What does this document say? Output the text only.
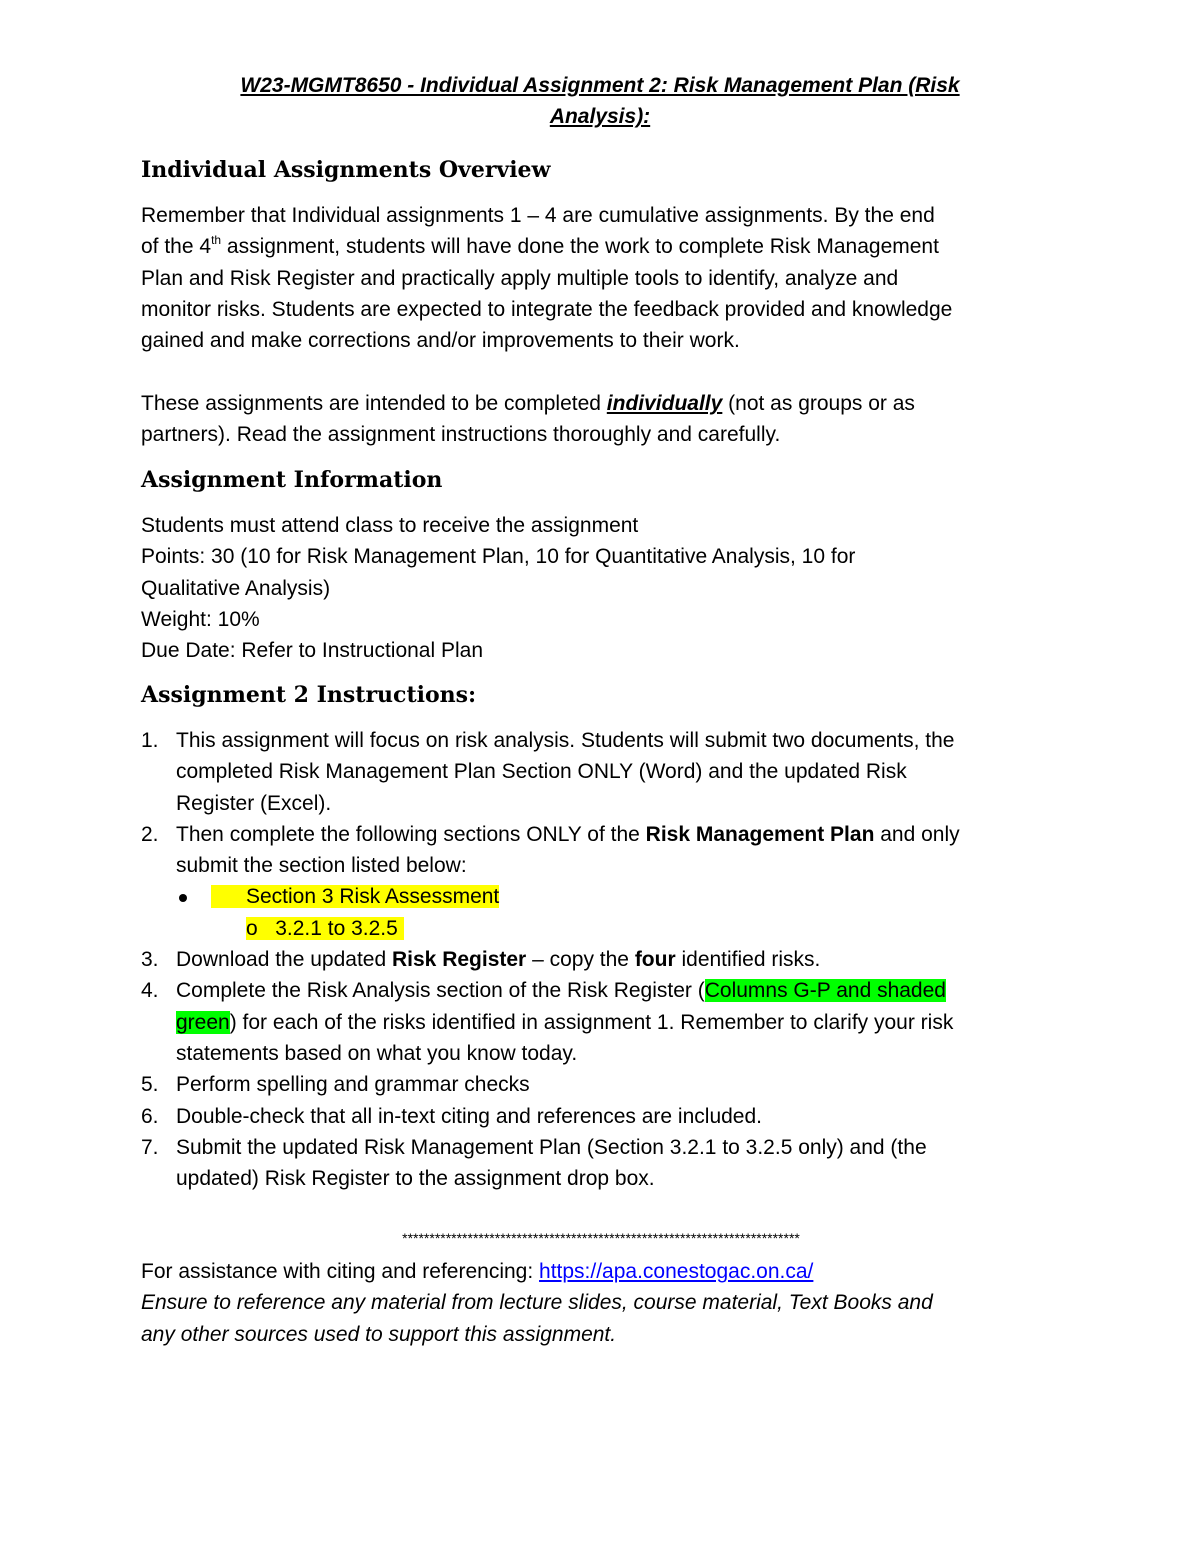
W23-MGMT8650 - Individual Assignment 2: Risk Management Plan (Risk
Analysis):
Individual Assignments Overview
Remember that Individual assignments 1 – 4 are cumulative assignments. By the end
of the 4th assignment, students will have done the work to complete Risk Management
Plan and Risk Register and practically apply multiple tools to identify, analyze and
monitor risks. Students are expected to integrate the feedback provided and knowledge
gained and make corrections and/or improvements to their work.
These assignments are intended to be completed individually (not as groups or as
partners). Read the assignment instructions thoroughly and carefully.
Assignment Information
Students must attend class to receive the assignment
Points: 30 (10 for Risk Management Plan, 10 for Quantitative Analysis, 10 for
Qualitative Analysis)
Weight: 10%
Due Date: Refer to Instructional Plan
Assignment 2 Instructions:
1. This assignment will focus on risk analysis. Students will submit two documents, the
completed Risk Management Plan Section ONLY (Word) and the updated Risk
Register (Excel).
2. Then complete the following sections ONLY of the Risk Management Plan and only
submit the section listed below:
Section 3 Risk Assessment
o 3.2.1 to 3.2.5
3. Download the updated Risk Register – copy the four identified risks.
4. Complete the Risk Analysis section of the Risk Register (Columns G-P and shaded
green) for each of the risks identified in assignment 1. Remember to clarify your risk
statements based on what you know today.
5. Perform spelling and grammar checks
6. Double-check that all in-text citing and references are included.
7. Submit the updated Risk Management Plan (Section 3.2.1 to 3.2.5 only) and (the
updated) Risk Register to the assignment drop box.
*************************************************************************
For assistance with citing and referencing: https://apa.conestogac.on.ca/
Ensure to reference any material from lecture slides, course material, Text Books and
any other sources used to support this assignment.
